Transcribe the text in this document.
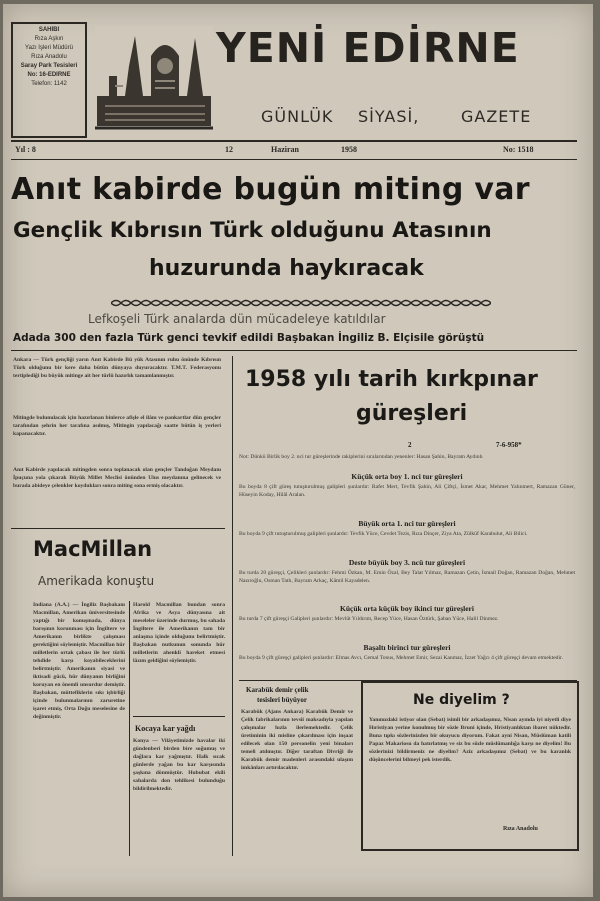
SAHİBİ
Rıza Aşkın
Yazı İşleri Müdürü
Rıza Anadolu
Saray Park Tesisleri
No: 16-EDİRNE
Telefon: 1142
YENİ EDİRNE
GÜNLÜK SİYASİ,	GAZETE
Yıl : 8	12	Haziran	1958	No: 1518
Anıt kabirde bugün miting var
Gençlik Kıbrısın Türk olduğunu Atasının
huzurunda haykıracak
Lefkoşeli Türk analarda dün mücadeleye katıldılar
Adada 300 den fazla Türk genci tevkif edildi Başbakan İngiliz B. Elçisile görüştü
Ankara — Türk gençliği yarın Anıt Kabirde Bü yük Atasının ruhu önünde Kıbrısın Türk olduğunu bir kere daha bütün dünyaya duyuracaktır. T.M.T. Federasyonu tertiplediği bu büyük mitinge ait her türlü hazırlık tamamlanmıştır.
Mitingde bulunulacak için hazırlanan binlerce afişle el ilânı ve pankartlar dün gençler tarafından şehrin her tarafına asılmış, Mitingin yapılacağı saatte bütün iş yerleri kapanacaktır.
Anıt Kabirde yapılacak mitingden sonra toplanacak olan gençler Tandoğan Meydanı İpuçuna yola çıkarak Büyük Millet Meclisi önünden Ulus meydanına gelinecek ve burada abideye çelenkler koydukları sonra miting sona ermiş olacaktır.
MacMillan
Amerikada konuştu
Indiana (A.A.) — İngiliz Başbakanı Macmillan, Amerikan üniversitesinde yaptığı bir konuşmada, dünya barışının korunması için İngiltere ve Amerikanın birlikte çalışması gerektiğini söylemiştir. Macmillan hür milletlerin ortak çabası ile her türlü tehdide karşı koyabileceklerini belirtmiştir. Amerikanın siyasi ve iktisadi gücü, hür dünyanın birliğini koruyan en önemli unsurdur demiştir. Başbakan, müttefiklerin sıkı işbirliği içinde bulunmalarının zaruretine işaret etmiş, Orta Doğu meselesine de değinmiştir.
Harold Macmillan bundan sonra Afrika ve Asya dünyasına ait meseleler üzerinde durmuş, bu sahada İngiltere ile Amerikanın tam bir anlaşma içinde olduğunu belirtmiştir. Başbakan nutkunun sonunda hür milletlerin ahenkli hareket etmesi lâzım geldiğini söylemiştir.
Kocaya kar yağdı
Konya — Vilâyetimizde havalar iki gündenberi birden bire soğumuş ve dağlara kar yağmıştır. Halk sıcak günlerde yağan bu kar karşısında şaşkına dönmüştür. Hububat ekili sahalarda don tehlikesi bulunduğu bildirilmektedir.
1958 yılı tarih kırkpınar
güreşleri
2	7-6-958*
Not: Dünkü Birlik boy 2. nci tur güreşlerinde rakiplerini sıralarından yenenler: Hasan Şahin, Bayram Aydınlı
Küçük orta boy 1. nci tur güreşleri
Bu boyda 8 çift güreş tutuşturulmuş galipleri şunlardır: Rafet Mert, Tevfik Şahin, Ali Çiftçi, İsmet Akar, Mehmet Yalınmert, Ramazan Güner, Hüseyin Koday, Hilâl Aralan.
Büyük orta 1. nci tur güreşleri
Bu boyda 9 çift tutuşturulmuş galipleri şunlardır: Tevfik Yüce, Cevdet Tezis, Rıza Dinçer, Ziya Ata, Zülküf Karabulut, Ali Bilici.
Deste büyük boy 3. ncü tur güreşleri
Bu turda 20 güreşçi, Çelikleri şunlardır: Fehmi Özkan, M. Emin Özal, Bey Talat Yılmaz, Ramazan Çetin, İsmail Doğan, Ramazan Doğan, Mehmet Nazıroğlu, Osman Tatlı, Bayram Arkaç, Kâmil Kayadelen.
Küçük orta küçük boy ikinci tur güreşleri
Bu turda 7 çift güreşçi Galipleri şunlardır: Mevlüt Yıldırım, Recep Yüce, Hasan Öztürk, Şaban Yüce, Halil Dinmez.
Başaltı birinci tur güreşleri
Bu boyda 9 çift güreşçi galipleri şunlardır: Elmas Avcı, Cemal Tonus, Mehmet Emir, Sezai Kanmaz, İzzet Yağcı 4 çift güreşçi devam etmektedir.
Karabük demir çelik
tesisleri büyüyor
Karabük (Ajans Ankara) Karabük Demir ve Çelik fabrikalarının tevsii maksadıyla yapılan çalışmalar hızla ilerlemektedir. Çelik üretiminin iki misline çıkarılması için inşaat edilecek olan 150 personelin yeni binaları temeli atılmıştır. Diğer taraftan Divriği ile Karabük demir madenleri arasındaki ulaşım imkânları artırılacaktır.
Ne diyelim ?
Yanınızdaki istiyor olan (Sebat) isimli bir arkadaşımız, Nisan ayında iyi niyetli diye Hıristiyan yerine konulmuş bir sözle Bruni içinde, Hristiyanlıktan ibaret nüktedir. Buna tıpkı sözlerinizden bir okuyucu diyorum. Fakat ayni Nisan, Müslüman katili Papaz Makariosu da hatırlatmış ve siz bu sözle müslümanlığa karşı ne diyelim! Bu sözlerinizi bildirmeniz ne diyelim? Aziz arkadaşımız (Sebat) ve bu karanlık düşüncelerini bilmeyi pek isterdik.
Rıza Anadolu
